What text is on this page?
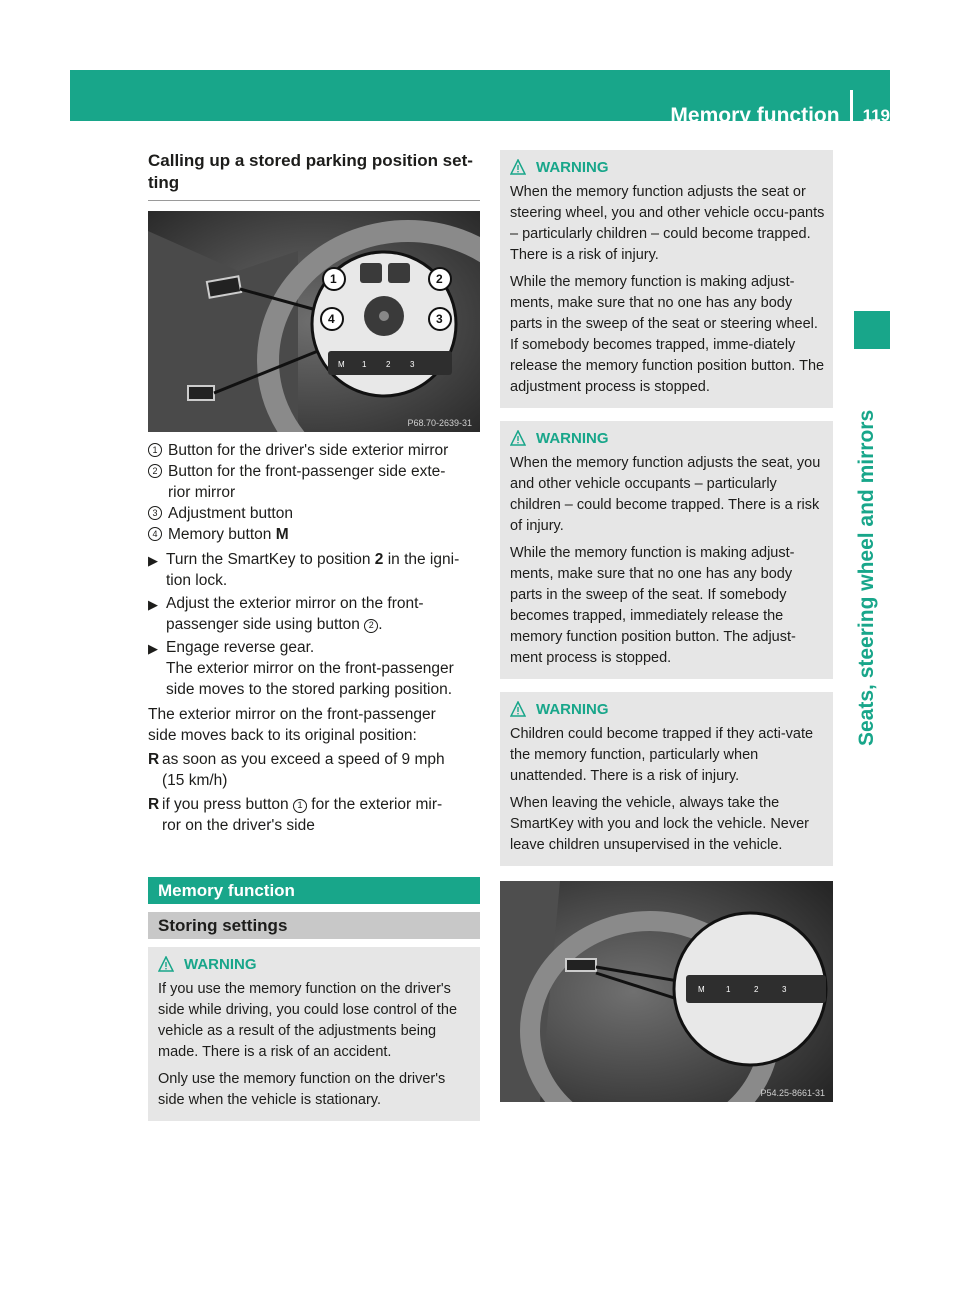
Memory function 119
Seats, steering wheel and mirrors
Calling up a stored parking position set-
ting
M 1 2 3
1	2
3
4
P68.70-2639-31
1 Button for the driver's side exterior mirror
2 Button for the front-passenger side exte-
rior mirror
3 Adjustment button
4 Memory button M
▶ Turn the SmartKey to position 2 in the igni-
tion lock.
▶ Adjust the exterior mirror on the front-
passenger side using button 2 .
▶ Engage reverse gear.
The exterior mirror on the front-passenger
side moves to the stored parking position.

The exterior mirror on the front-passenger
side moves back to its original position:

R as soon as you exceed a speed of 9 mph
(15 km/h)
R if you press button 1 for the exterior mir-
ror on the driver's side
Memory function
Storing settings
WARNING

If you use the memory function on the driver's side while driving, you could lose control of the vehicle as a result of the adjustments being made. There is a risk of an accident.

Only use the memory function on the driver's side when the vehicle is stationary.

WARNING

When the memory function adjusts the seat or steering wheel, you and other vehicle occu-pants – particularly children – could become trapped. There is a risk of injury.

While the memory function is making adjust-ments, make sure that no one has any body parts in the sweep of the seat or steering wheel. If somebody becomes trapped, imme-diately release the memory function position button. The adjustment process is stopped.

WARNING

When the memory function adjusts the seat, you and other vehicle occupants – particularly children – could become trapped. There is a risk of injury.

While the memory function is making adjust-ments, make sure that no one has any body parts in the sweep of the seat. If somebody becomes trapped, immediately release the memory function position button. The adjust-ment process is stopped.

WARNING

Children could become trapped if they acti-vate the memory function, particularly when unattended. There is a risk of injury.

When leaving the vehicle, always take the SmartKey with you and lock the vehicle. Never leave children unsupervised in the vehicle.

M	1	2	3
P54.25-8661-31
